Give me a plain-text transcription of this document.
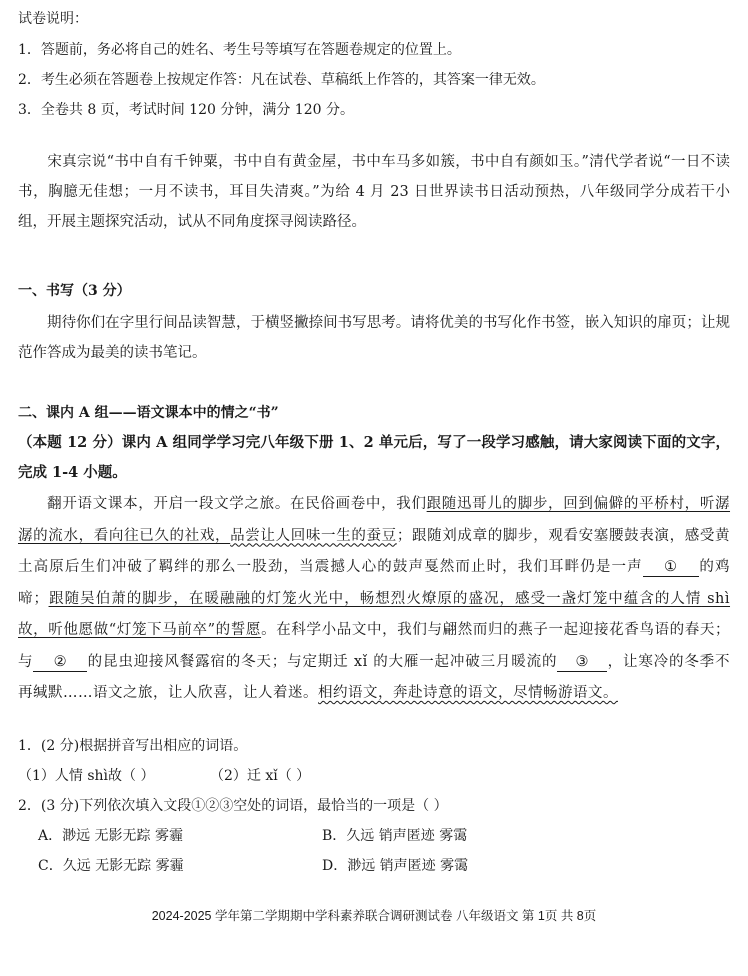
试卷说明：
1．答题前，务必将自己的姓名、考生号等填写在答题卷规定的位置上。
2．考生必须在答题卷上按规定作答：凡在试卷、草稿纸上作答的，其答案一律无效。
3．全卷共 8 页，考试时间 120 分钟，满分 120 分。
宋真宗说“书中自有千钟粟，书中自有黄金屋，书中车马多如簇，书中自有颜如玉。”清代学者说“一日不读书，胸臆无佳想；一月不读书，耳目失清爽。”为给 4 月 23 日世界读书日活动预热，八年级同学分成若干小组，开展主题探究活动，试从不同角度探寻阅读路径。
一、书写（3 分）
期待你们在字里行间品读智慧，于横竖撇捺间书写思考。请将优美的书写化作书签，嵌入知识的扉页；让规范作答成为最美的读书笔记。
二、课内 A 组——语文课本中的情之“书”
（本题 12 分）课内 A 组同学学习完八年级下册 1、2 单元后，写了一段学习感触，请大家阅读下面的文字，完成 1-4 小题。
翻开语文课本，开启一段文学之旅。在民俗画卷中，我们跟随迅哥儿的脚步，回到偏僻的平桥村，听潺潺的流水，看向往已久的社戏，品尝让人回味一生的蚕豆；跟随刘成章的脚步，观看安塞腰鼓表演，感受黄土高原后生们冲破了羁绊的那么一股劲，当震撼人心的鼓声戛然而止时，我们耳畔仍是一声 ① 的鸡啼；跟随吴伯萧的脚步，在暖融融的灯笼火光中，畅想烈火燎原的盛况，感受一盏灯笼中蕴含的人情 shì 故，听他愿做“灯笼下马前卒”的誓愿。在科学小品文中，我们与翩然而归的燕子一起迎接花香鸟语的春天；与 ② 的昆虫迎接风餐露宿的冬天；与定期迁 xǐ 的大雁一起冲破三月暖流的 ③ ，让寒冷的冬季不再缄默……语文之旅，让人欣喜，让人着迷。相约语文，奔赴诗意的语文，尽情畅游语文。
1．(2 分)根据拼音写出相应的词语。
（1）人情 shì故（ ）	（2）迁 xǐ（ ）
2．(3 分)下列依次填入文段①②③空处的词语，最恰当的一项是（ ）
A．渺远 无影无踪 雾霾	B．久远 销声匿迹 雾霭
C．久远 无影无踪 雾霾	D．渺远 销声匿迹 雾霭
2024-2025 学年第二学期期中学科素养联合调研测试卷 八年级语文 第 1页 共 8页
